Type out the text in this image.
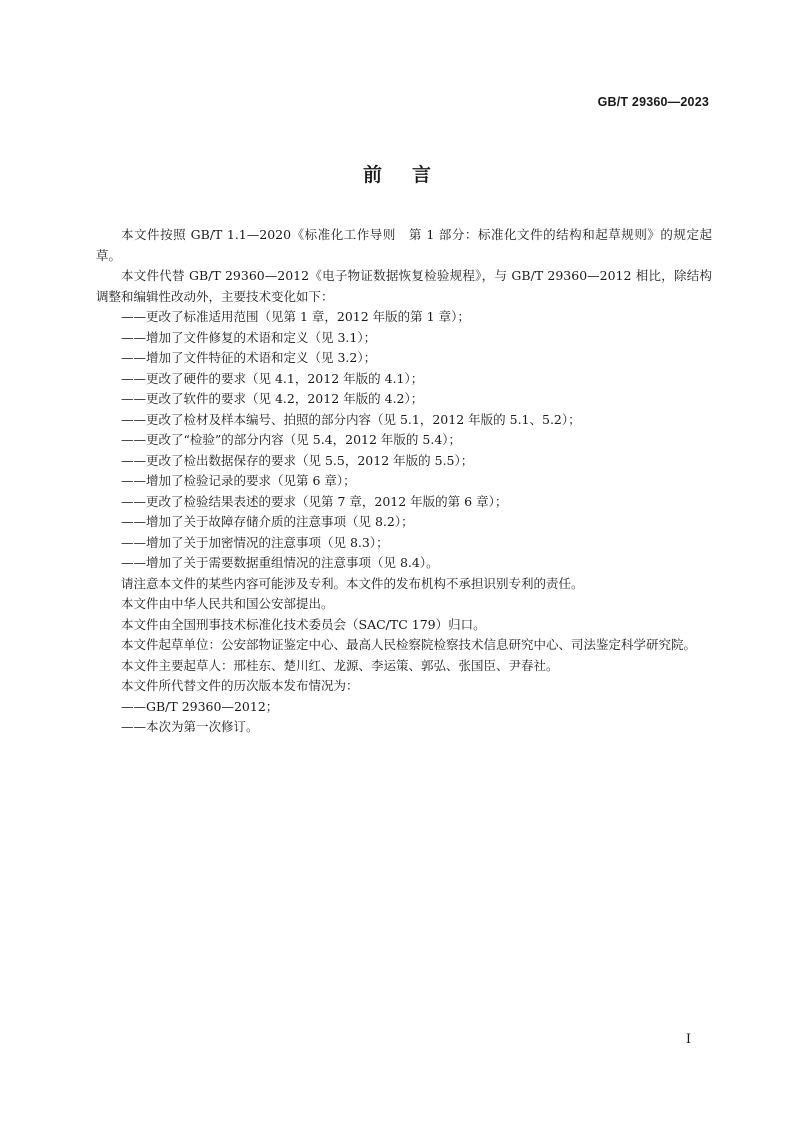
GB/T 29360—2023
前言

本文件按照 GB/T 1.1—2020《标准化工作导则　第 1 部分：标准化文件的结构和起草规则》的规定起草。

本文件代替 GB/T 29360—2012《电子物证数据恢复检验规程》，与 GB/T 29360—2012 相比，除结构调整和编辑性改动外，主要技术变化如下：

——更改了标准适用范围（见第 1 章，2012 年版的第 1 章）；

——增加了文件修复的术语和定义（见 3.1）；

——增加了文件特征的术语和定义（见 3.2）；

——更改了硬件的要求（见 4.1，2012 年版的 4.1）；

——更改了软件的要求（见 4.2，2012 年版的 4.2）；

——更改了检材及样本编号、拍照的部分内容（见 5.1，2012 年版的 5.1、5.2）；

——更改了“检验”的部分内容（见 5.4，2012 年版的 5.4）；

——更改了检出数据保存的要求（见 5.5，2012 年版的 5.5）；

——增加了检验记录的要求（见第 6 章）；

——更改了检验结果表述的要求（见第 7 章，2012 年版的第 6 章）；

——增加了关于故障存储介质的注意事项（见 8.2）；

——增加了关于加密情况的注意事项（见 8.3）；

——增加了关于需要数据重组情况的注意事项（见 8.4）。

请注意本文件的某些内容可能涉及专利。本文件的发布机构不承担识别专利的责任。

本文件由中华人民共和国公安部提出。

本文件由全国刑事技术标准化技术委员会（SAC/TC 179）归口。

本文件起草单位：公安部物证鉴定中心、最高人民检察院检察技术信息研究中心、司法鉴定科学研究院。

本文件主要起草人：邢桂东、楚川红、龙源、李运策、郭弘、张国臣、尹春社。

本文件所代替文件的历次版本发布情况为：

——GB/T 29360—2012；

——本次为第一次修订。

I
